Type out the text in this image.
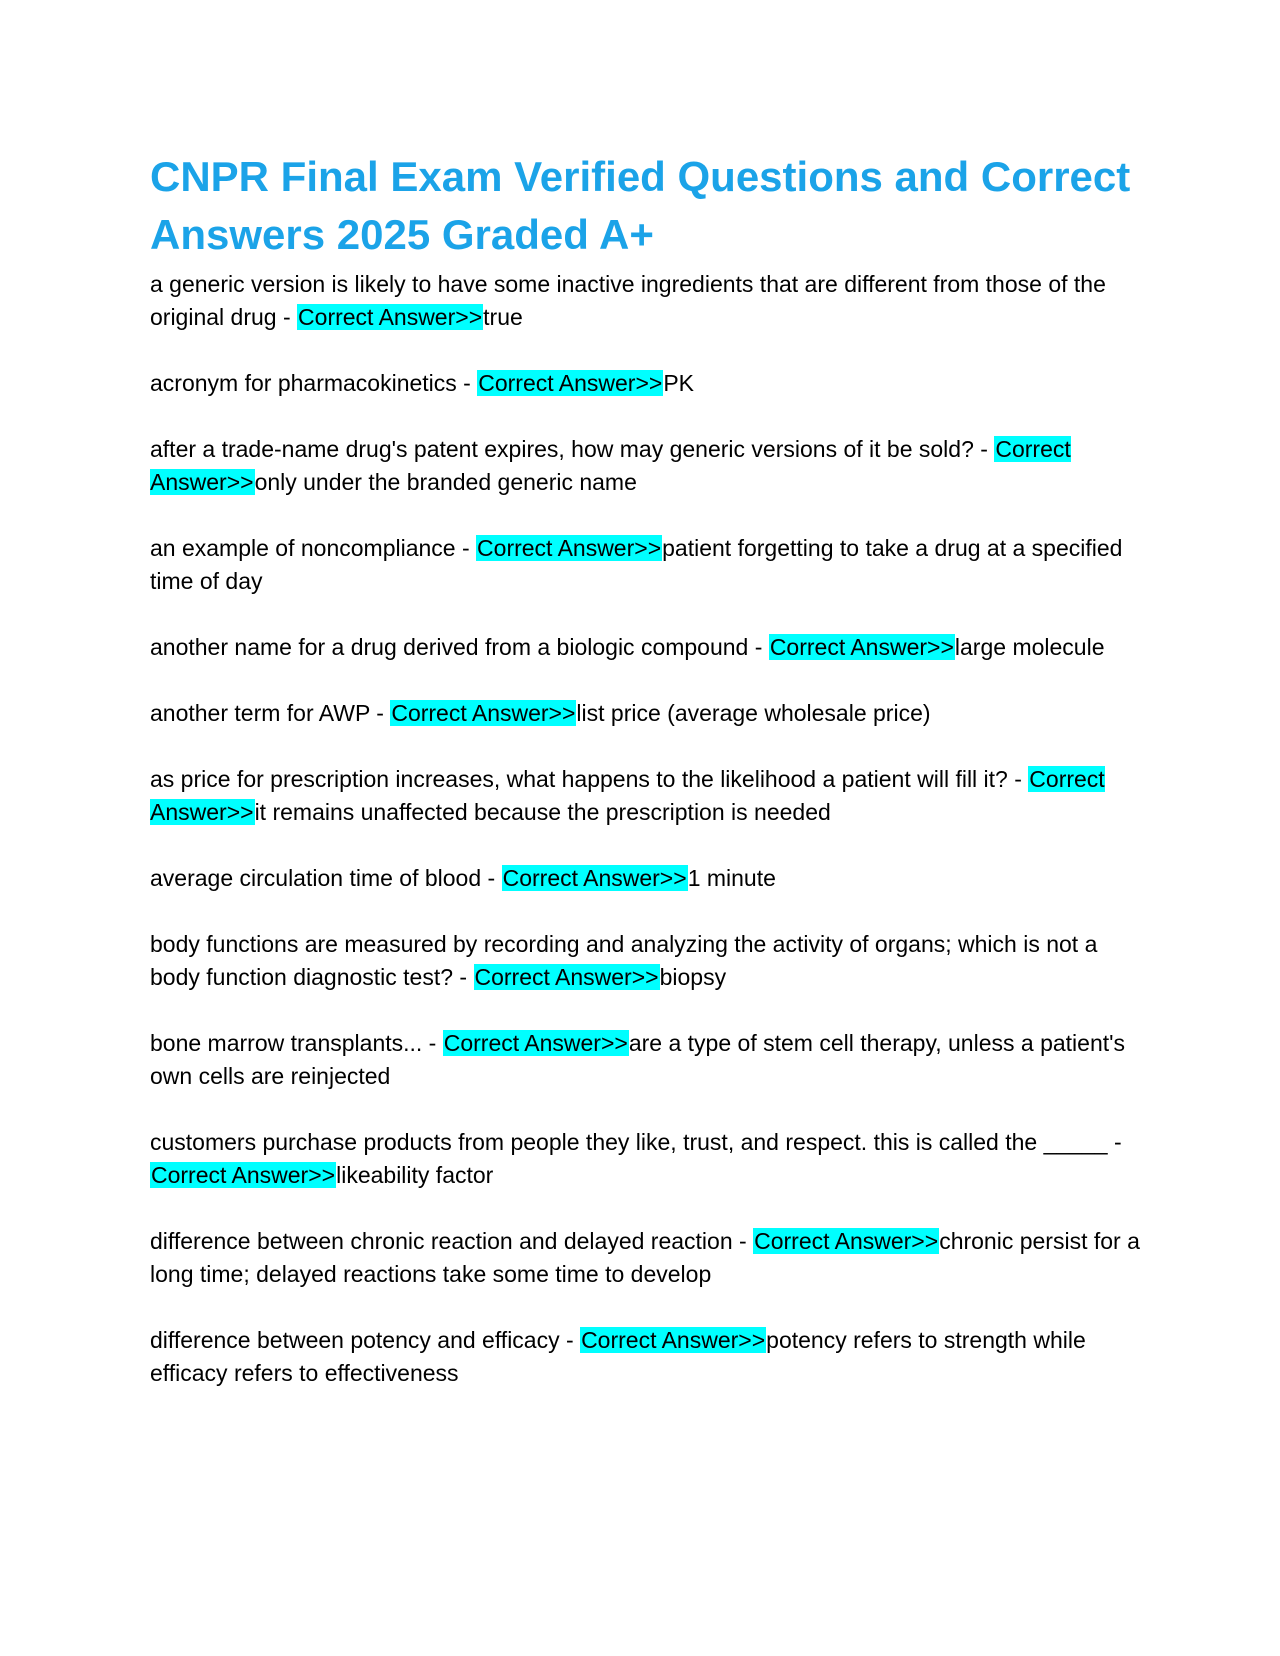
CNPR Final Exam Verified Questions and Correct Answers 2025 Graded A+

a generic version is likely to have some inactive ingredients that are different from those of the original drug - Correct Answer>>true

acronym for pharmacokinetics - Correct Answer>>PK

after a trade-name drug's patent expires, how may generic versions of it be sold? - Correct Answer>>only under the branded generic name

an example of noncompliance - Correct Answer>>patient forgetting to take a drug at a specified time of day

another name for a drug derived from a biologic compound - Correct Answer>>large molecule

another term for AWP - Correct Answer>>list price (average wholesale price)

as price for prescription increases, what happens to the likelihood a patient will fill it? - Correct Answer>>it remains unaffected because the prescription is needed

average circulation time of blood - Correct Answer>>1 minute

body functions are measured by recording and analyzing the activity of organs; which is not a body function diagnostic test? - Correct Answer>>biopsy

bone marrow transplants... - Correct Answer>>are a type of stem cell therapy, unless a patient's own cells are reinjected

customers purchase products from people they like, trust, and respect. this is called the _____ - Correct Answer>>likeability factor

difference between chronic reaction and delayed reaction - Correct Answer>>chronic persist for a long time; delayed reactions take some time to develop

difference between potency and efficacy - Correct Answer>>potency refers to strength while efficacy refers to effectiveness
